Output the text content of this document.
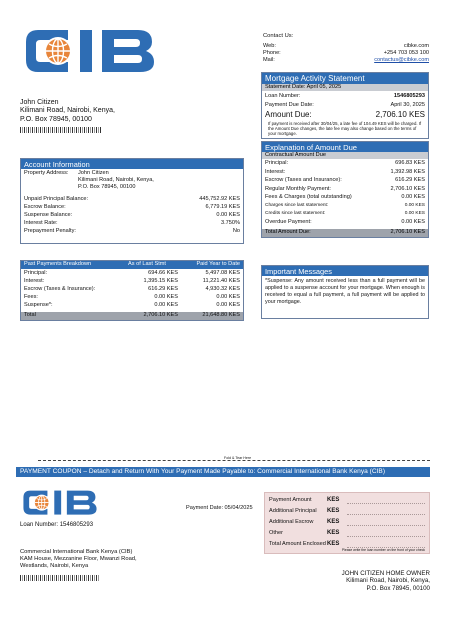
Contact Us:
Web:	cibke.com
Phone:	+254 703 053 100
Mail:	contactus@cibke.com
John Citizen
Kilimani Road, Nairobi, Kenya,
P.O. Box 78945, 00100
Mortgage Activity Statement
Statement Date: April 05, 2025
Loan Number:	1546805293
Payment Due Date:	April 30, 2025
Amount Due:	2,706.10 KES
If payment is received after 30/04/25, a late fee of 104.49 KES will be charged. If the Amount Due changes, the late fee may also change based on the terms of your mortgage.
Account Information
Property Address:	John Citizen
Kilimani Road, Nairobi, Kenya,
P.O. Box 78945, 00100
Unpaid Principal Balance:	445,752.92 KES
Escrow Balance:	6,779.19 KES
Suspense Balance:	0.00 KES
Interest Rate:	3.750%
Prepayment Penalty:	No
Explanation of Amount Due
Contractual Amount Due
Principal:	696.83 KES
Interest:	1,392.98 KES
Escrow (Taxes and Insurance):	616.29 KES
Regular Monthly Payment:	2,706.10 KES
Fees & Charges (total outstanding)	0.00 KES
Charges since last statement:	0.00 KES
Credits since last statement:	0.00 KES
Overdue Payment:	0.00 KES
Total Amount Due:	2,706.10 KES
Past Payments Breakdown	As of Last Stmt	Paid Year to Date
Principal:	694.66 KES	5,497.08 KES
Interest:	1,395.15 KES	11,221.40 KES
Escrow (Taxes & Insurance):	616.29 KES	4,930.32 KES
Fees:	0.00 KES	0.00 KES
Suspense*:	0.00 KES	0.00 KES
Total	2,706.10 KES	21,648.80 KES
Important Messages
*Suspense: Any amount received less than a full payment will be applied to a suspense account for your mortgage. When enough is received to equal a full payment, a full payment will be applied to your mortgage.
Fold & Tear Here
PAYMENT COUPON – Detach and Return With Your Payment Made Payable to: Commercial International Bank Kenya (CIB)
Loan Number: 1546805293
Payment Date: 05/04/2025
Payment Amount	KES
Additional Principal	KES
Additional Escrow	KES
Other	KES
Total Amount Enclosed KES
Please write the loan number on the front of your check
Commercial International Bank Kenya (CIB)
KAM House, Mezzanine Floor, Mwanzi Road,
Westlands, Nairobi, Kenya
JOHN CITIZEN HOME OWNER
Kilimani Road, Nairobi, Kenya,
P.O. Box 78945, 00100
